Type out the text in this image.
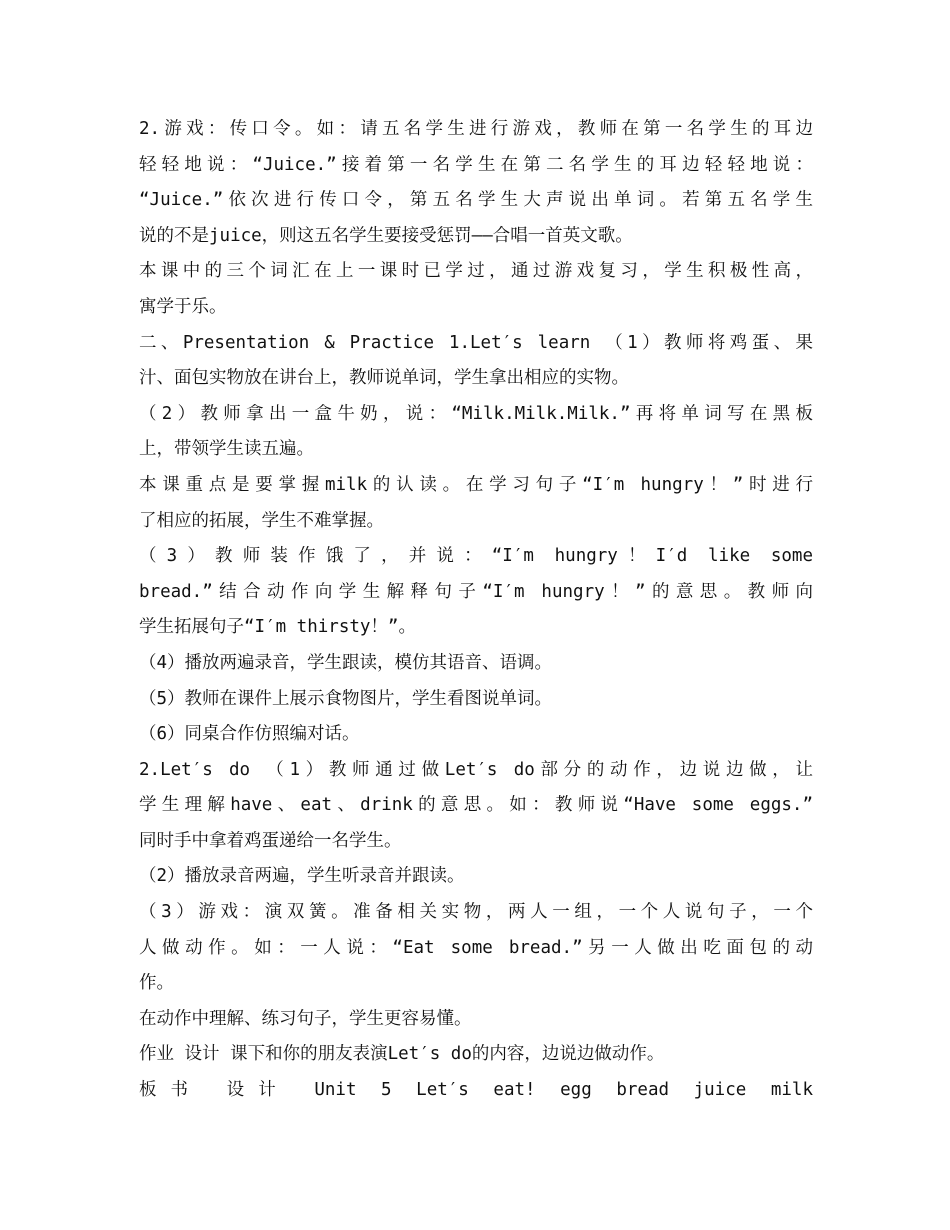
2.游戏：传口令。如：请五名学生进行游戏，教师在第一名学生的耳边
轻轻地说：“Juice.”接着第一名学生在第二名学生的耳边轻轻地说：
“Juice.”依次进行传口令，第五名学生大声说出单词。若第五名学生
说的不是juice，则这五名学生要接受惩罚——合唱一首英文歌。
本课中的三个词汇在上一课时已学过，通过游戏复习，学生积极性高，
寓学于乐。
二、Presentation & Practice 1.Let′s learn （1）教师将鸡蛋、果
汁、面包实物放在讲台上，教师说单词，学生拿出相应的实物。
（2）教师拿出一盒牛奶，说：“Milk.Milk.Milk.”再将单词写在黑板
上，带领学生读五遍。
本课重点是要掌握milk的认读。在学习句子“I′m hungry！”时进行
了相应的拓展，学生不难掌握。
（3）教师装作饿了，并说：“I′m hungry！I′d like some
bread.”结合动作向学生解释句子“I′m hungry！”的意思。教师向
学生拓展句子“I′m thirsty！”。
（4）播放两遍录音，学生跟读，模仿其语音、语调。
（5）教师在课件上展示食物图片，学生看图说单词。
（6）同桌合作仿照编对话。
2.Let′s do （1）教师通过做Let′s do部分的动作，边说边做，让
学生理解have、eat、drink的意思。如：教师说“Have some eggs.”
同时手中拿着鸡蛋递给一名学生。
（2）播放录音两遍，学生听录音并跟读。
（3）游戏：演双簧。准备相关实物，两人一组，一个人说句子，一个
人做动作。如：一人说：“Eat some bread.”另一人做出吃面包的动
作。
在动作中理解、练习句子，学生更容易懂。
作业 设计 课下和你的朋友表演Let′s do的内容，边说边做动作。
板书 设计 Unit 5 Let′s eat! egg bread juice milk
